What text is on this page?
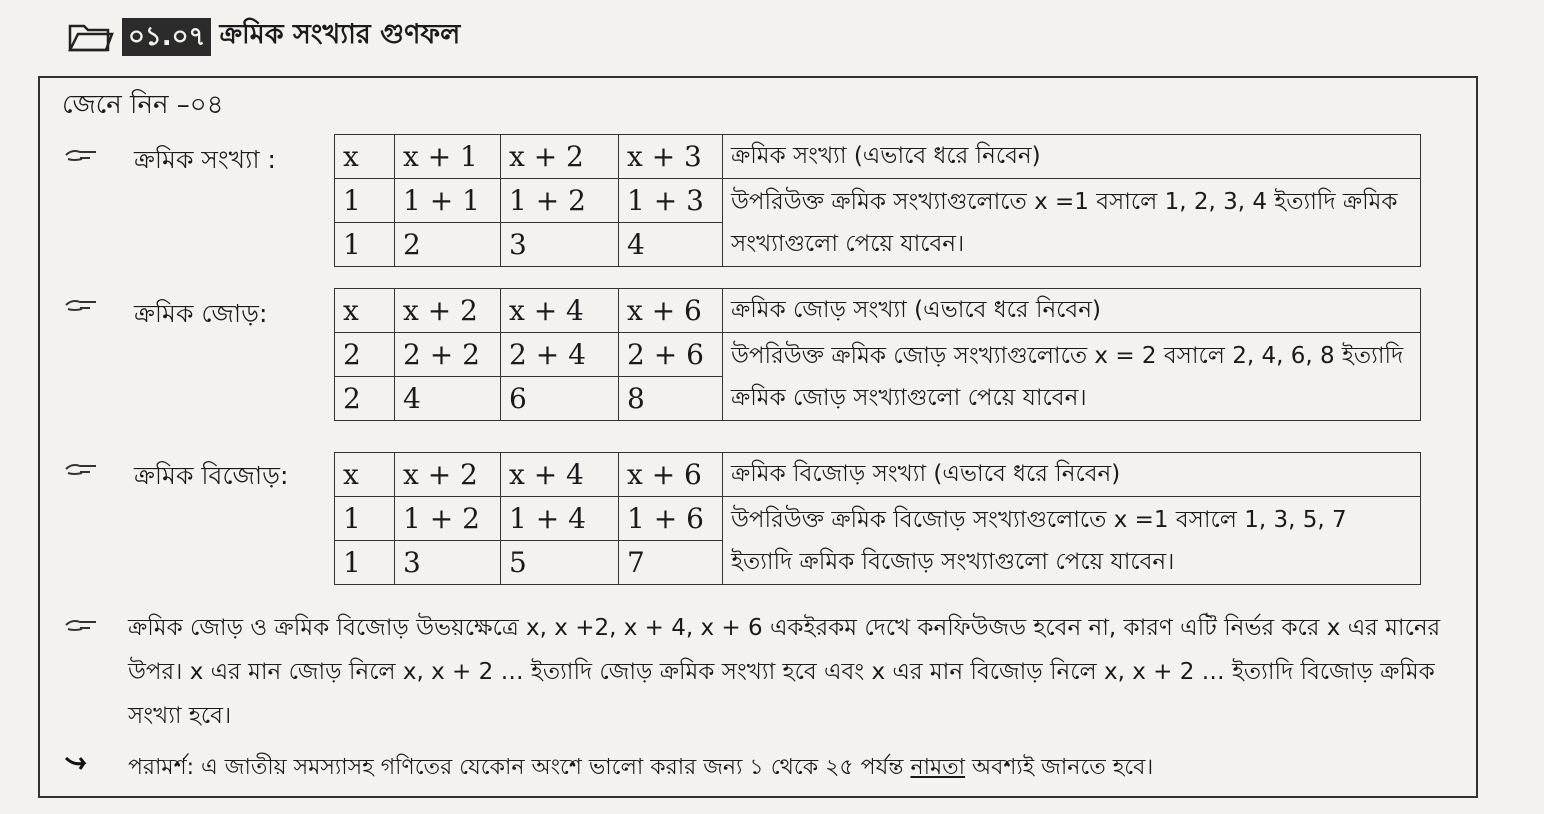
০১.০৭ ক্রমিক সংখ্যার গুণফল
জেনে নিন –০৪
ক্রমিক সংখ্যা : x	x + 1	x + 2	x + 3	ক্রমিক সংখ্যা (এভাবে ধরে নিবেন)
1	1 + 1	1 + 2	1 + 3	উপরিউক্ত ক্রমিক সংখ্যাগুলোতে x =1 বসালে 1, 2, 3, 4 ইত্যাদি ক্রমিক সংখ্যাগুলো পেয়ে যাবেন।
1	2	3	4	
ক্রমিক জোড়:	x	x + 2	x + 4	x + 6	ক্রমিক জোড় সংখ্যা (এভাবে ধরে নিবেন)
2	2 + 2	2 + 4	2 + 6	উপরিউক্ত ক্রমিক জোড় সংখ্যাগুলোতে x = 2 বসালে 2, 4, 6, 8 ইত্যাদি ক্রমিক জোড় সংখ্যাগুলো পেয়ে যাবেন।
2	4	6	8	
ক্রমিক বিজোড়: x	x + 2	x + 4	x + 6	ক্রমিক বিজোড় সংখ্যা (এভাবে ধরে নিবেন)
1	1 + 2	1 + 4	1 + 6	উপরিউক্ত ক্রমিক বিজোড় সংখ্যাগুলোতে x =1 বসালে 1, 3, 5, 7 ইত্যাদি ক্রমিক বিজোড় সংখ্যাগুলো পেয়ে যাবেন।
1	3	5	7	
ক্রমিক জোড় ও ক্রমিক বিজোড় উভয়ক্ষেত্রে x, x +2, x + 4, x + 6 একইরকম দেখে কনফিউজড হবেন না, কারণ এটি নির্ভর করে x এর মানের উপর। x এর মান জোড় নিলে x, x + 2 … ইত্যাদি জোড় ক্রমিক সংখ্যা হবে এবং x এর মান বিজোড় নিলে x, x + 2 … ইত্যাদি বিজোড় ক্রমিক সংখ্যা হবে।
পরামর্শ: এ জাতীয় সমস্যাসহ গণিতের যেকোন অংশে ভালো করার জন্য ১ থেকে ২৫ পর্যন্ত নামতা অবশ্যই জানতে হবে।
